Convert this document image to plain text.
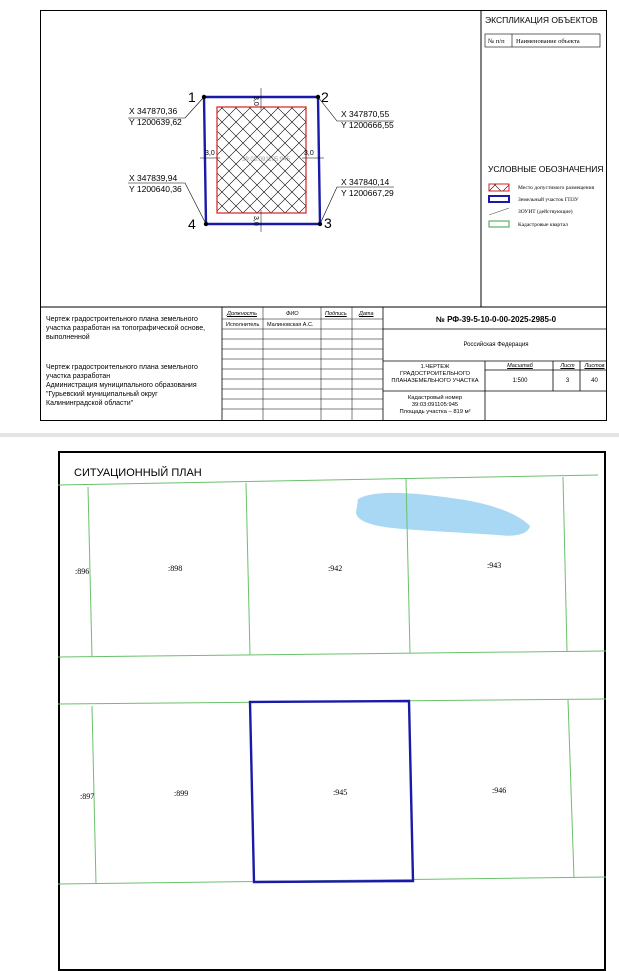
ЭКСПЛИКАЦИЯ ОБЪЕКТОВ
№ п/п Наименование объекта
УСЛОВНЫЕ ОБОЗНАЧЕНИЯ
Место допустимого размещения
Земельный участок ГПЗУ
ЗОУИТ (действующие)
Кадастровые квартал
1	2
3
4
X 347870,36
Y 1200639,62
X 347870,55
Y 1200666,55
X 347839,94
Y 1200640,36
X 347840,14
Y 1200667,29
3,0
3,0	3,0
3,0
39:03:091105:945
Чертеж градостроительного плана земельного
участка разработан на топографической основе,
выполненной
Чертеж градостроительного плана земельного
участка разработан
Администрация муниципального образования
"Гурьевский муниципальный округ
Калининградской области"
Должность	ФИО	Подпись Дата
Исполнитель Малиновская А.С.
№ РФ-39-5-10-0-00-2025-2985-0
Российская Федерация
1.ЧЕРТЕЖ
ГРАДОСТРОИТЕЛЬНОГО
ПЛАНАЗЕМЕЛЬНОГО УЧАСТКА
Масштаб	Лист	Листов
1:500	3	40
Кадастровый номер
39:03:091105:945
Площадь участка – 819 м²
СИТУАЦИОННЫЙ ПЛАН
:896	:898	:942	:943
:897	:899	:945	:946
